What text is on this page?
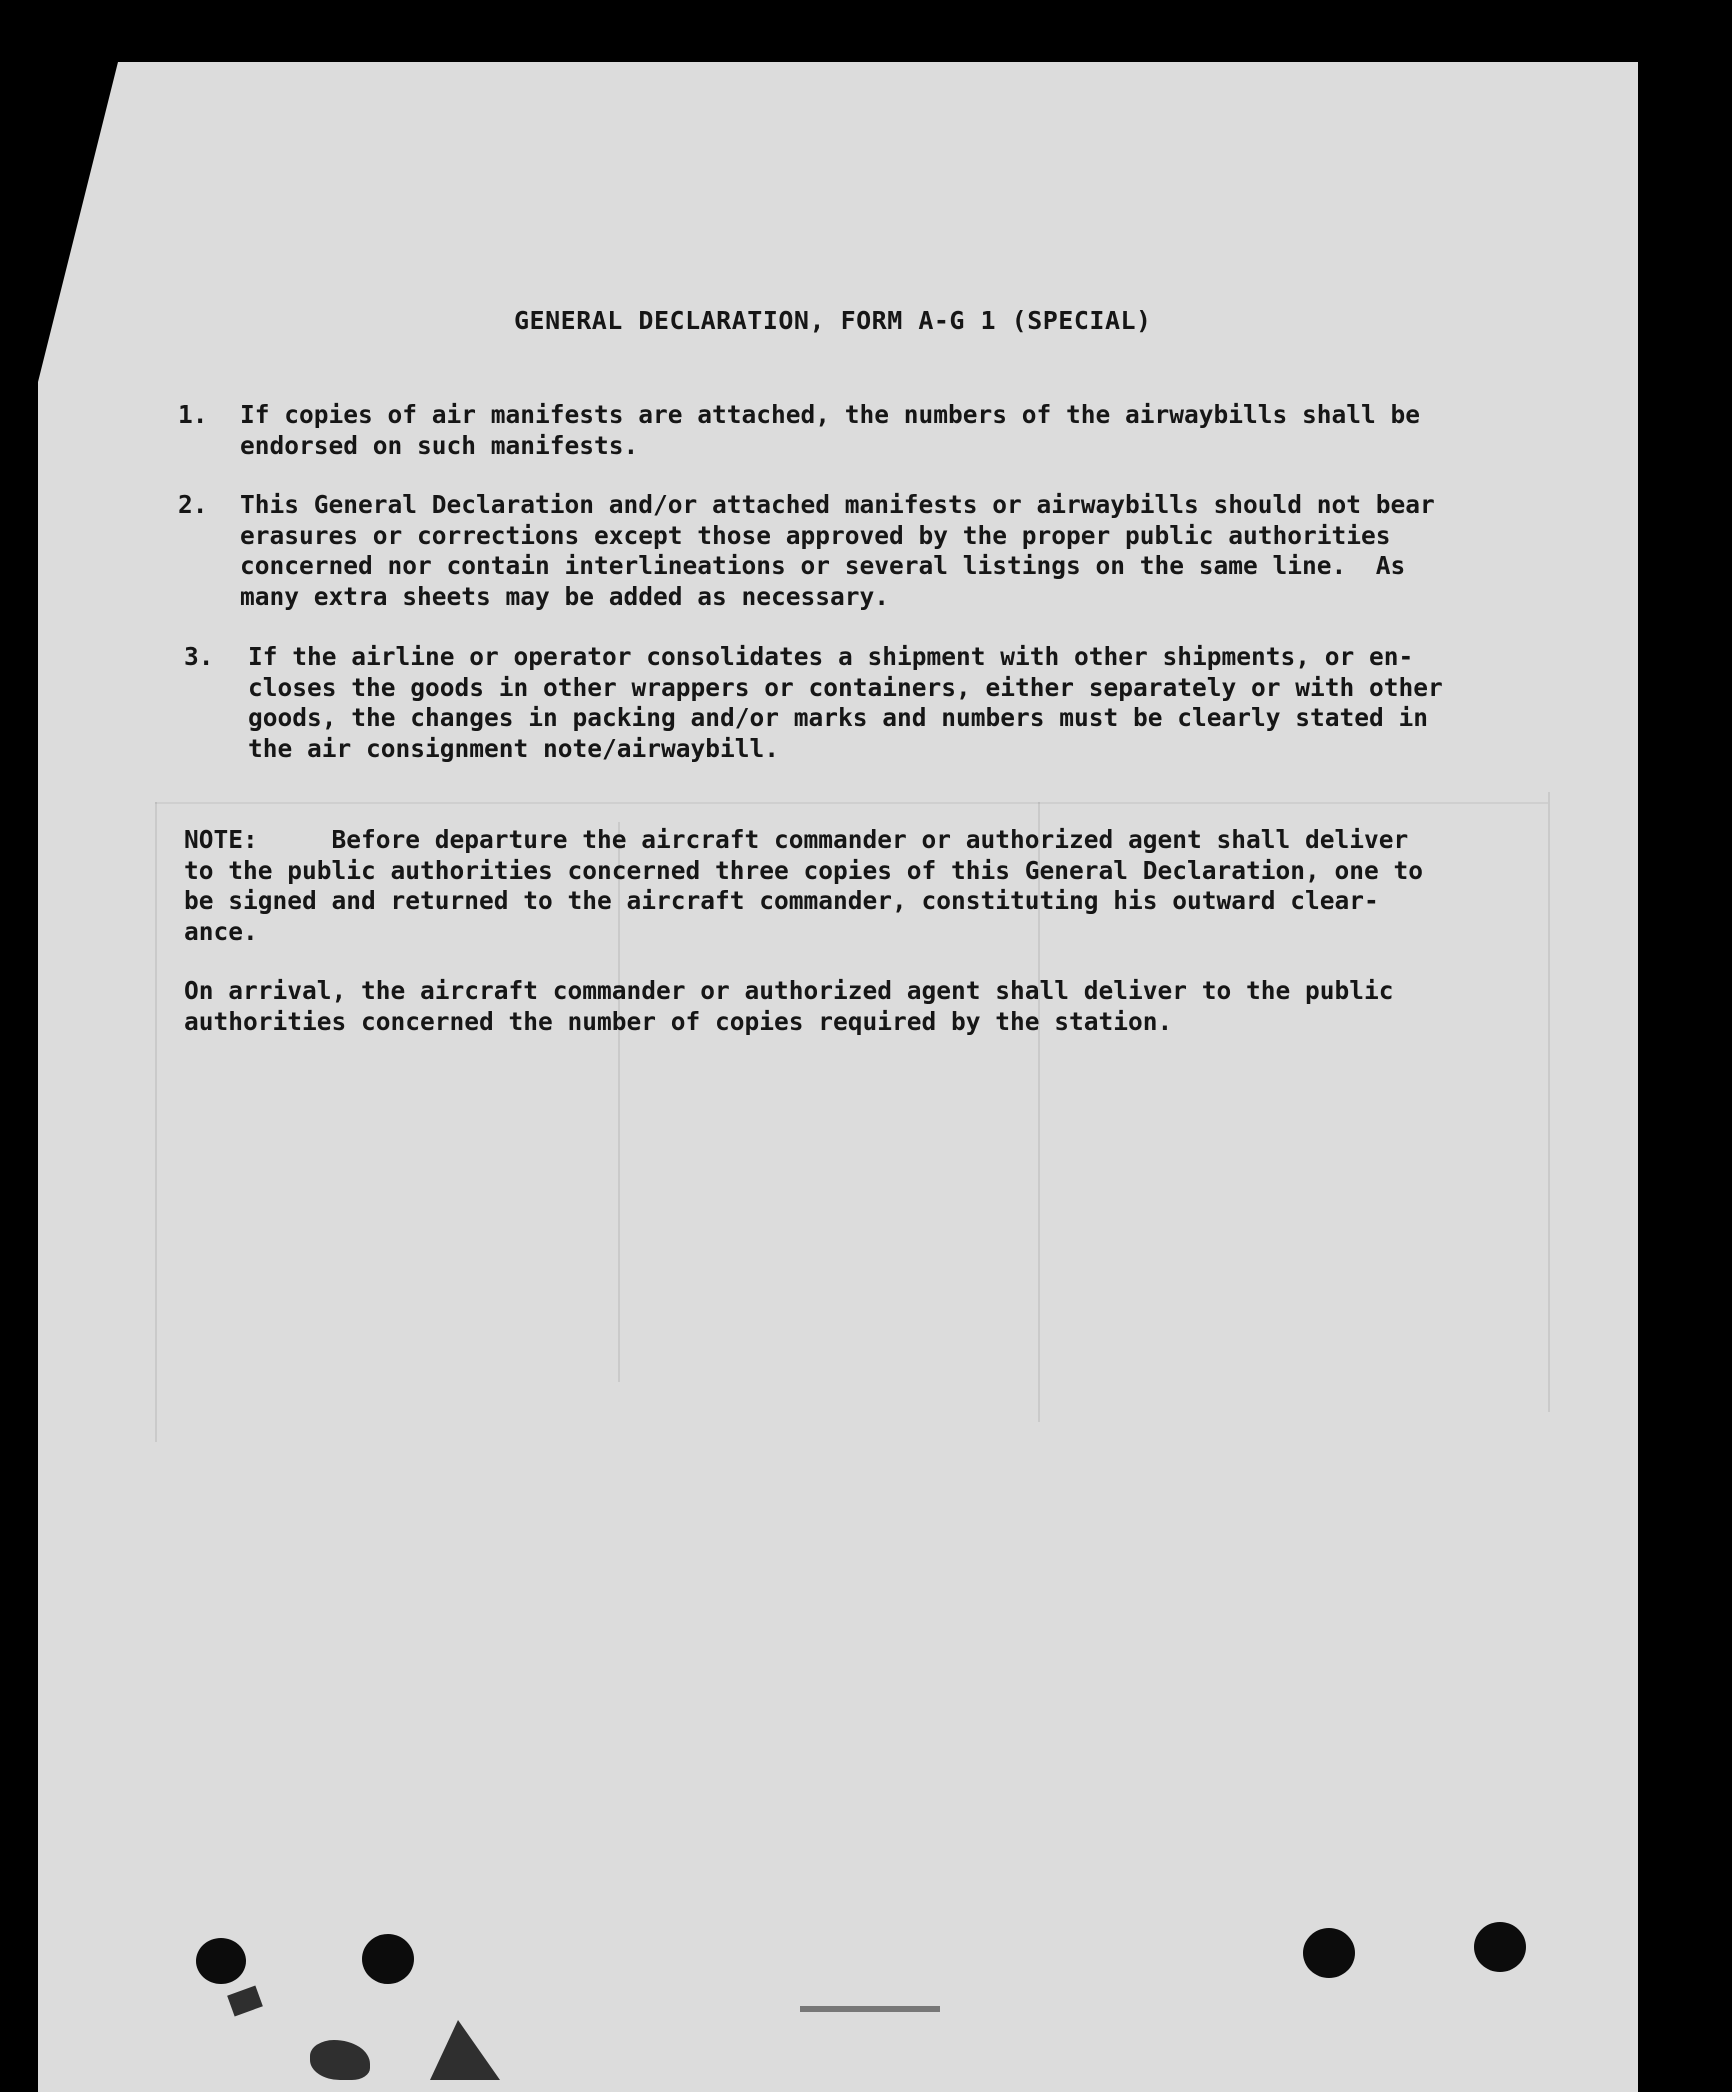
GENERAL DECLARATION, FORM A-G 1 (SPECIAL)
1. If copies of air manifests are attached, the numbers of the airwaybills shall be
endorsed on such manifests.
2. This General Declaration and/or attached manifests or airwaybills should not bear
erasures or corrections except those approved by the proper public authorities
concerned nor contain interlineations or several listings on the same line.  As
many extra sheets may be added as necessary.
3. If the airline or operator consolidates a shipment with other shipments, or en-
closes the goods in other wrappers or containers, either separately or with other
goods, the changes in packing and/or marks and numbers must be clearly stated in
the air consignment note/airwaybill.
NOTE:     Before departure the aircraft commander or authorized agent shall deliver
to the public authorities concerned three copies of this General Declaration, one to
be signed and returned to the aircraft commander, constituting his outward clear-
ance.
On arrival, the aircraft commander or authorized agent shall deliver to the public
authorities concerned the number of copies required by the station.
